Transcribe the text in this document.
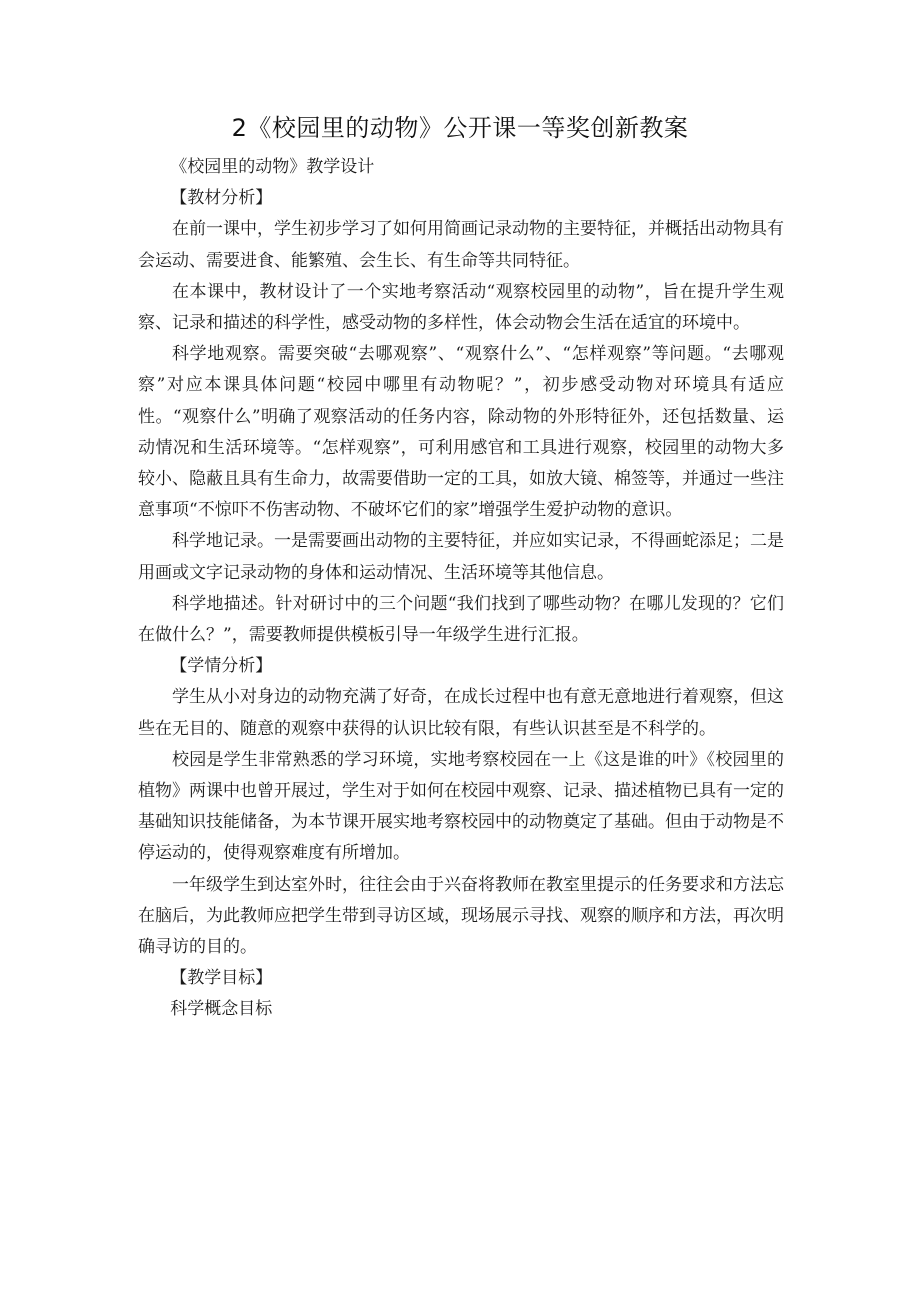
2《校园里的动物》公开课一等奖创新教案

《校园里的动物》教学设计

【教材分析】

在前一课中，学生初步学习了如何用简画记录动物的主要特征，并概括出动物具有会运动、需要进食、能繁殖、会生长、有生命等共同特征。

在本课中，教材设计了一个实地考察活动“观察校园里的动物”，旨在提升学生观察、记录和描述的科学性，感受动物的多样性，体会动物会生活在适宜的环境中。

科学地观察。需要突破“去哪观察”、“观察什么”、“怎样观察”等问题。“去哪观察”对应本课具体问题“校园中哪里有动物呢？”，初步感受动物对环境具有适应性。“观察什么”明确了观察活动的任务内容，除动物的外形特征外，还包括数量、运动情况和生活环境等。“怎样观察”，可利用感官和工具进行观察，校园里的动物大多较小、隐蔽且具有生命力，故需要借助一定的工具，如放大镜、棉签等，并通过一些注意事项“不惊吓不伤害动物、不破坏它们的家”增强学生爱护动物的意识。

科学地记录。一是需要画出动物的主要特征，并应如实记录，不得画蛇添足；二是用画或文字记录动物的身体和运动情况、生活环境等其他信息。

科学地描述。针对研讨中的三个问题“我们找到了哪些动物？在哪儿发现的？它们在做什么？”，需要教师提供模板引导一年级学生进行汇报。

【学情分析】

学生从小对身边的动物充满了好奇，在成长过程中也有意无意地进行着观察，但这些在无目的、随意的观察中获得的认识比较有限，有些认识甚至是不科学的。

校园是学生非常熟悉的学习环境，实地考察校园在一上《这是谁的叶》《校园里的植物》两课中也曾开展过，学生对于如何在校园中观察、记录、描述植物已具有一定的基础知识技能储备，为本节课开展实地考察校园中的动物奠定了基础。但由于动物是不停运动的，使得观察难度有所增加。

一年级学生到达室外时，往往会由于兴奋将教师在教室里提示的任务要求和方法忘在脑后，为此教师应把学生带到寻访区域，现场展示寻找、观察的顺序和方法，再次明确寻访的目的。

【教学目标】

科学概念目标
